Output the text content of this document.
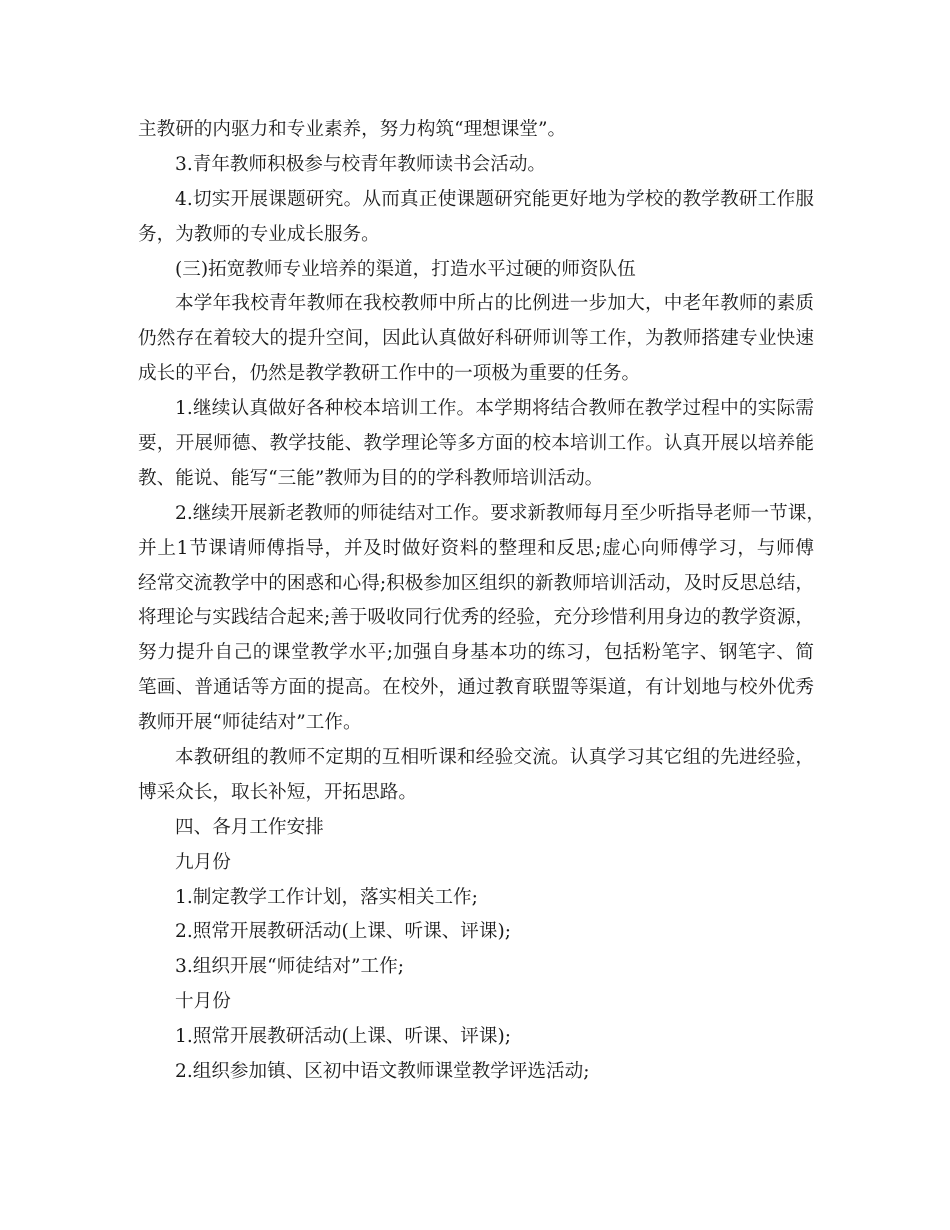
主教研的内驱力和专业素养，努力构筑“理想课堂”。
3.青年教师积极参与校青年教师读书会活动。
4.切实开展课题研究。从而真正使课题研究能更好地为学校的教学教研工作服
务，为教师的专业成长服务。
(三)拓宽教师专业培养的渠道，打造水平过硬的师资队伍
本学年我校青年教师在我校教师中所占的比例进一步加大，中老年教师的素质
仍然存在着较大的提升空间，因此认真做好科研师训等工作，为教师搭建专业快速
成长的平台，仍然是教学教研工作中的一项极为重要的任务。
1.继续认真做好各种校本培训工作。本学期将结合教师在教学过程中的实际需
要，开展师德、教学技能、教学理论等多方面的校本培训工作。认真开展以培养能
教、能说、能写“三能”教师为目的的学科教师培训活动。
2.继续开展新老教师的师徒结对工作。要求新教师每月至少听指导老师一节课，
并上1节课请师傅指导，并及时做好资料的整理和反思;虚心向师傅学习，与师傅
经常交流教学中的困惑和心得;积极参加区组织的新教师培训活动，及时反思总结，
将理论与实践结合起来;善于吸收同行优秀的经验，充分珍惜利用身边的教学资源，
努力提升自己的课堂教学水平;加强自身基本功的练习，包括粉笔字、钢笔字、简
笔画、普通话等方面的提高。在校外，通过教育联盟等渠道，有计划地与校外优秀
教师开展“师徒结对”工作。
本教研组的教师不定期的互相听课和经验交流。认真学习其它组的先进经验，
博采众长，取长补短，开拓思路。
四、各月工作安排
九月份
1.制定教学工作计划，落实相关工作;
2.照常开展教研活动(上课、听课、评课);
3.组织开展“师徒结对”工作;
十月份
1.照常开展教研活动(上课、听课、评课);
2.组织参加镇、区初中语文教师课堂教学评选活动;
